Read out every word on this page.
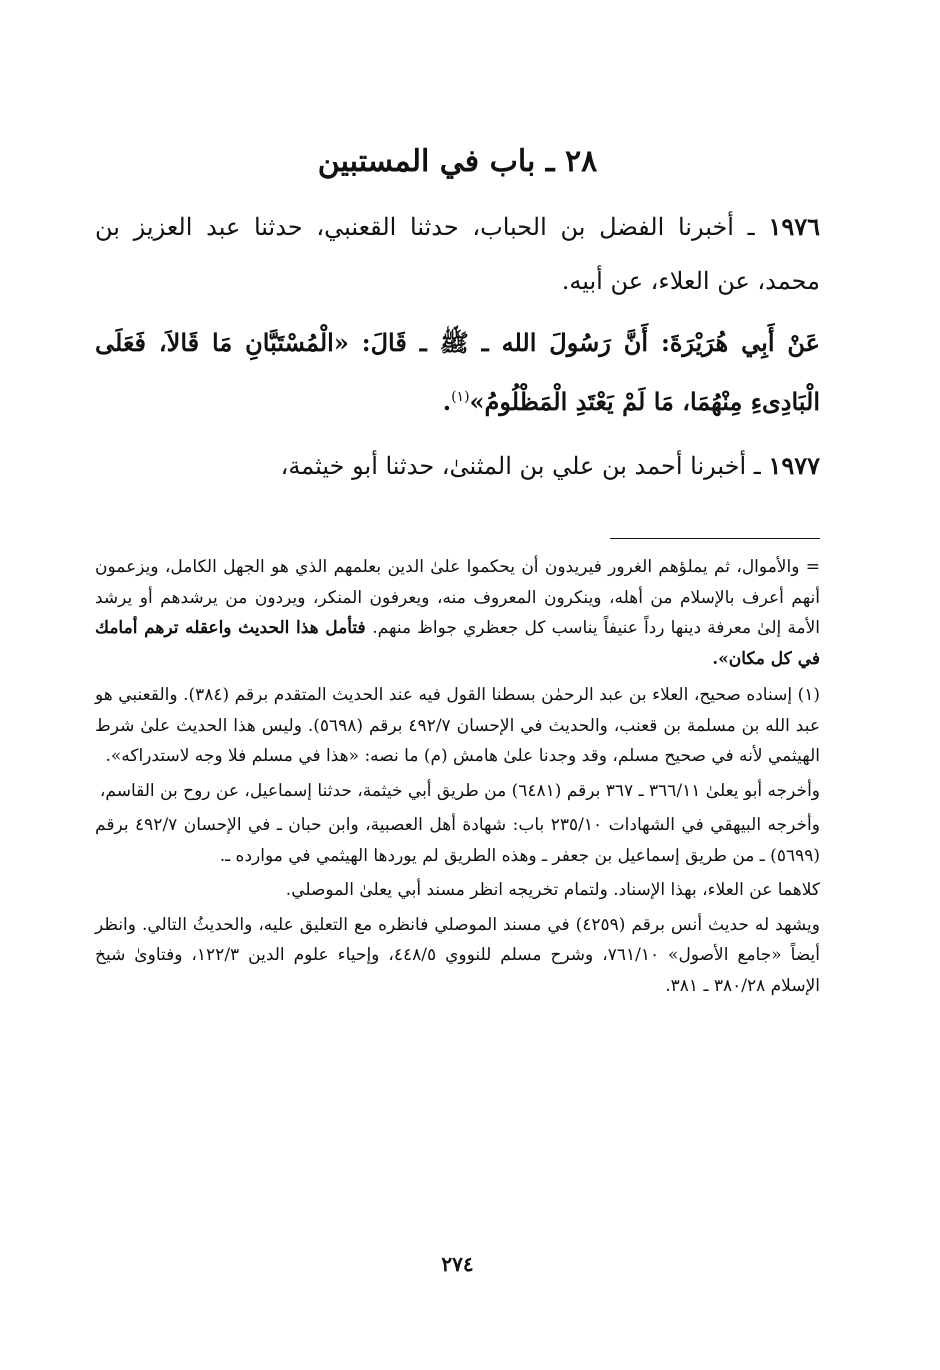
٢٨ ـ باب في المستبين

١٩٧٦ ـ أخبرنا الفضل بن الحباب، حدثنا القعنبي، حدثنا عبد العزيز بن محمد، عن العلاء، عن أبيه.

عَنْ أَبِي هُرَيْرَةَ: أَنَّ رَسُولَ الله ـ ﷺ ـ قَالَ: «الْمُسْتَبَّانِ مَا قَالاَ، فَعَلَى الْبَادِىءِ مِنْهُمَا، مَا لَمْ يَعْتَدِ الْمَظْلُومُ»$^{(١)}$.

١٩٧٧ ـ أخبرنا أحمد بن علي بن المثنىٰ، حدثنا أبو خيثمة،

= والأموال، ثم يملؤهم الغرور فيريدون أن يحكموا علىٰ الدين بعلمهم الذي هو الجهل الكامل، ويزعمون أنهم أعرف بالإسلام من أهله، وينكرون المعروف منه، ويعرفون المنكر، ويردون من يرشدهم أو يرشد الأمة إلىٰ معرفة دينها رداً عنيفاً يناسب كل جعظري جواظ منهم. فتأمل هذا الحديث واعقله ترهم أمامك في كل مكان».

(١) إسناده صحيح، العلاء بن عبد الرحمٰن بسطنا القول فيه عند الحديث المتقدم برقم (٣٨٤). والقعنبي هو عبد الله بن مسلمة بن قعنب، والحديث في الإحسان ٤٩٢/٧ برقم (٥٦٩٨). وليس هذا الحديث علىٰ شرط الهيثمي لأنه في صحيح مسلم، وقد وجدنا علىٰ هامش (م) ما نصه: «هذا في مسلم فلا وجه لاستدراكه».

وأخرجه أبو يعلىٰ ٣٦٦/١١ ـ ٣٦٧ برقم (٦٤٨١) من طريق أبي خيثمة، حدثنا إسماعيل، عن روح بن القاسم،

وأخرجه البيهقي في الشهادات ٢٣٥/١٠ باب: شهادة أهل العصبية، وابن حبان ـ في الإحسان ٤٩٢/٧ برقم (٥٦٩٩) ـ من طريق إسماعيل بن جعفر ـ وهذه الطريق لم يوردها الهيثمي في موارده ـ.

كلاهما عن العلاء، بهذا الإسناد. ولتمام تخريجه انظر مسند أبي يعلىٰ الموصلي.

ويشهد له حديث أنس برقم (٤٢٥٩) في مسند الموصلي فانظره مع التعليق عليه، والحديثُ التالي. وانظر أيضاً «جامع الأصول» ٧٦١/١٠، وشرح مسلم للنووي ٤٤٨/٥، وإحياء علوم الدين ١٢٢/٣، وفتاوىٰ شيخ الإسلام ٣٨٠/٢٨ ـ ٣٨١.

٢٧٤
